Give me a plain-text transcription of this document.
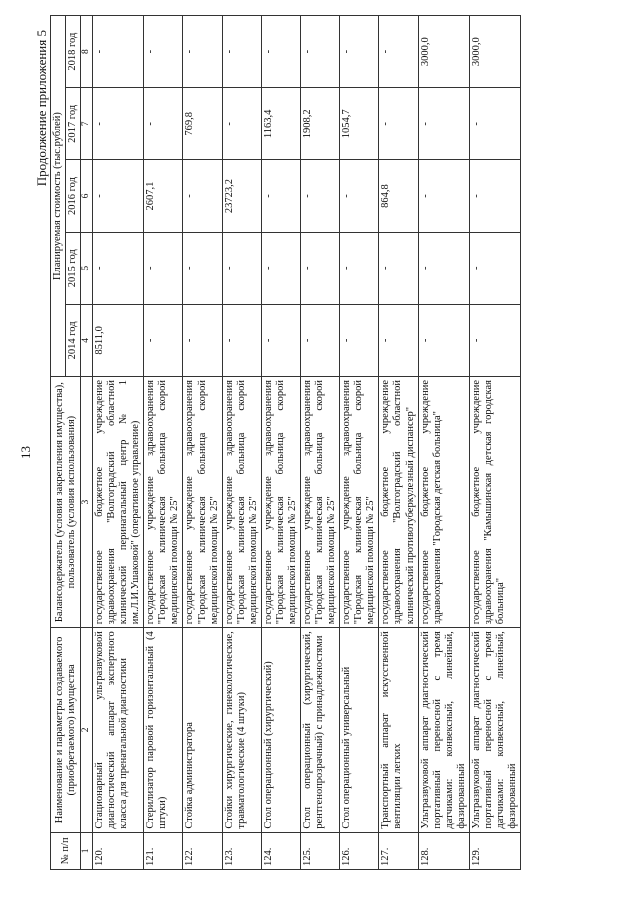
13
Продолжение приложения 5
№ п/п	Наименование и параметры создаваемого (приобретаемого) имущества	Балансодержатель (условия закрепления имущества), пользователь (условия использования)	Планируемая стоимость (тыс.рублей)				
			2014 год	2015 год	2016 год	2017 год	2018 год
1	2	3	4	5	6	7	8
120.	Стационарный ультразвуковой диагностический аппарат экспертного класса для пренатальной диагностики	государственное бюджетное учреждение здравоохранения "Волгоградский областной клинический перинатальный центр № 1 им.Л.И.Ушаковой" (оперативное управление)	8511,0	-	-	-	-
121.	Стерилизатор паровой горизонтальный (4 штуки)	государственное учреждение здравоохранения "Городская клиническая больница скорой медицинской помощи № 25"	-	-	2607,1	-	-
122.	Стойка администратора	государственное учреждение здравоохранения "Городская клиническая больница скорой медицинской помощи № 25"	-	-	-	769,8	-
123.	Стойки хирургические, гинекологические, травматологические (4 штуки)	государственное учреждение здравоохранения "Городская клиническая больница скорой медицинской помощи № 25"	-	-	23723,2	-	-
124.	Стол операционный (хирургический)	государственное учреждение здравоохранения "Городская клиническая больница скорой медицинской помощи № 25"	-	-	-	1163,4	-
125.	Стол операционный (хирургический, рентгенопрозрачный) с принадлежностями	государственное учреждение здравоохранения "Городская клиническая больница скорой медицинской помощи № 25"	-	-	-	1908,2	-
126.	Стол операционный универсальный	государственное учреждение здравоохранения "Городская клиническая больница скорой медицинской помощи № 25"	-	-	-	1054,7	-
127.	Транспортный аппарат искусственной вентиляции легких	государственное бюджетное учреждение здравоохранения "Волгоградский областной клинический противотуберкулезный диспансер"	-	-	864,8	-	-
128.	Ультразвуковой аппарат диагностический портативный переносной с тремя датчиками: конвексный, линейный, фазированный	государственное бюджетное учреждение здравоохранения "Городская детская больница"	-	-	-	-	3000,0
129.	Ультразвуковой аппарат диагностический портативный переносной с тремя датчиками: конвексный, линейный, фазированный	государственное бюджетное учреждение здравоохранения "Камышинская детская городская больница"	-	-	-	-	3000,0
